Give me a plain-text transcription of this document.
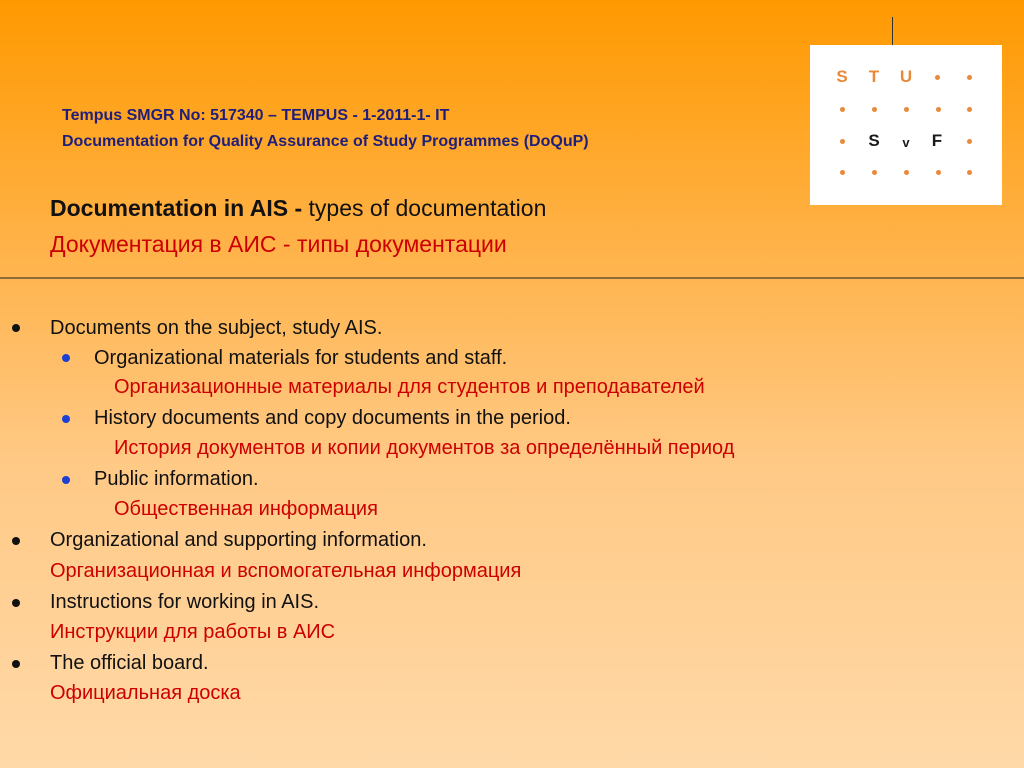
Tempus SMGR No: 517340 – TEMPUS - 1-2011-1- IT
Documentation for Quality Assurance of Study Programmes (DoQuP)
Documentation in AIS - types of documentation
Документация в АИС - типы документации
S T U
S	v	F
Documents on the subject, study AIS.
Organizational materials for students and staff.
Организационные материалы для студентов и преподавателей
History documents and copy documents in the period.
История документов и копии документов за определённый период
Public information.
Общественная информация
Organizational and supporting information.
Организационная и вспомогательная информация
Instructions for working in AIS.
Инструкции для работы в АИС
The official board.
Официальная доска
